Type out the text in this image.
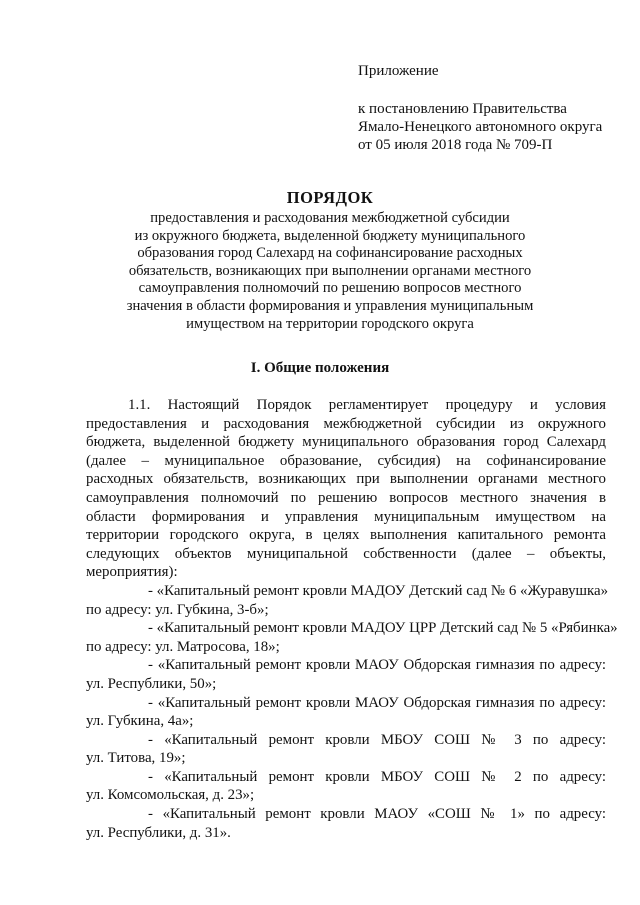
Приложение
к постановлению Правительства
Ямало-Ненецкого автономного округа
от 05 июля 2018 года № 709-П
ПОРЯДОК
предоставления и расходования межбюджетной субсидии
из окружного бюджета, выделенной бюджету муниципального
образования город Салехард на софинансирование расходных
обязательств, возникающих при выполнении органами местного
самоуправления полномочий по решению вопросов местного
значения в области формирования и управления муниципальным
имуществом на территории городского округа
I. Общие положения
1.1. Настоящий Порядок регламентирует процедуру и условия
предоставления и расходования межбюджетной субсидии из окружного
бюджета, выделенной бюджету муниципального образования город Салехард
(далее – муниципальное образование, субсидия) на софинансирование
расходных обязательств, возникающих при выполнении органами местного
самоуправления полномочий по решению вопросов местного значения в
области формирования и управления муниципальным имуществом на
территории городского округа, в целях выполнения капитального ремонта
следующих объектов муниципальной собственности (далее – объекты,
мероприятия):
- «Капитальный ремонт кровли МАДОУ Детский сад № 6 «Журавушка»
по адресу: ул. Губкина, 3-б»;
- «Капитальный ремонт кровли МАДОУ ЦРР Детский сад № 5 «Рябинка»
по адресу: ул. Матросова, 18»;
- «Капитальный ремонт кровли МАОУ Обдорская гимназия по адресу:
ул. Республики, 50»;
- «Капитальный ремонт кровли МАОУ Обдорская гимназия по адресу:
ул. Губкина, 4а»;
- «Капитальный ремонт кровли МБОУ СОШ № 3 по адресу:
ул. Титова, 19»;
- «Капитальный ремонт кровли МБОУ СОШ № 2 по адресу:
ул. Комсомольская, д. 23»;
- «Капитальный ремонт кровли МАОУ «СОШ № 1» по адресу:
ул. Республики, д. 31».
